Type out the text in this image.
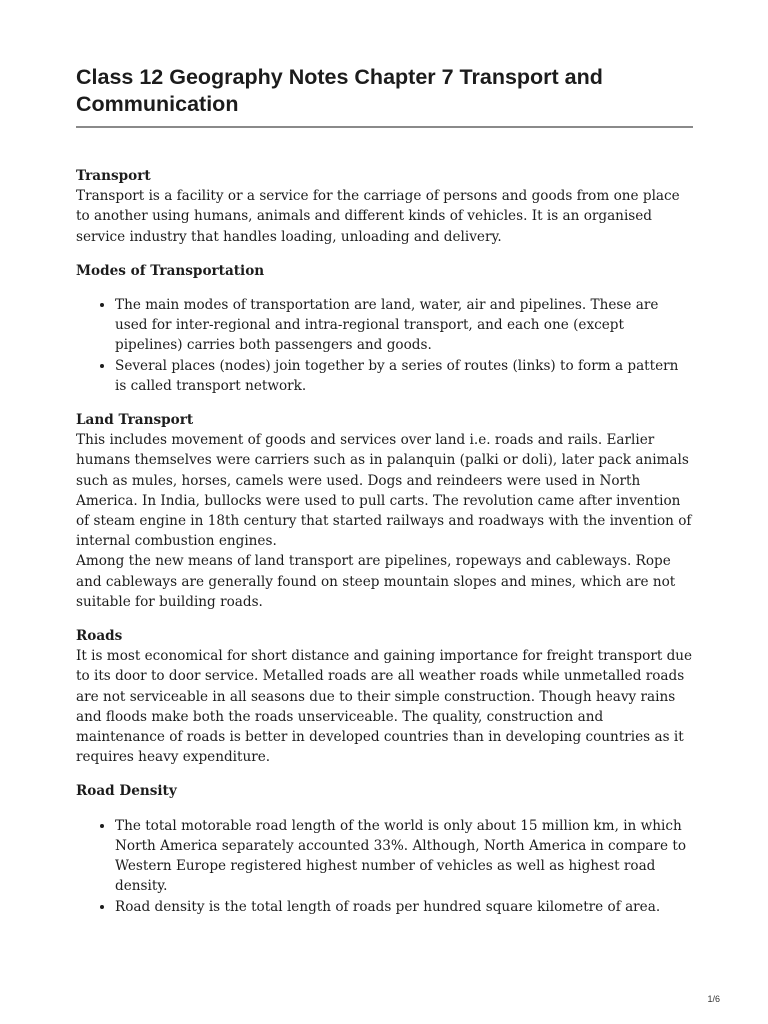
Class 12 Geography Notes Chapter 7 Transport and Communication

Transport

Transport is a facility or a service for the carriage of persons and goods from one place to another using humans, animals and different kinds of vehicles. It is an organised service industry that handles loading, unloading and delivery.

Modes of Transportation

• The main modes of transportation are land, water, air and pipelines. These are used for inter-regional and intra-regional transport, and each one (except pipelines) carries both passengers and goods.
• Several places (nodes) join together by a series of routes (links) to form a pattern is called transport network.

Land Transport

This includes movement of goods and services over land i.e. roads and rails. Earlier humans themselves were carriers such as in palanquin (palki or doli), later pack animals such as mules, horses, camels were used. Dogs and reindeers were used in North America. In India, bullocks were used to pull carts. The revolution came after invention of steam engine in 18th century that started railways and roadways with the invention of internal combustion engines.

Among the new means of land transport are pipelines, ropeways and cableways. Rope and cableways are generally found on steep mountain slopes and mines, which are not suitable for building roads.

Roads

It is most economical for short distance and gaining importance for freight transport due to its door to door service. Metalled roads are all weather roads while unmetalled roads are not serviceable in all seasons due to their simple construction. Though heavy rains and floods make both the roads unserviceable. The quality, construction and maintenance of roads is better in developed countries than in developing countries as it requires heavy expenditure.

Road Density

• The total motorable road length of the world is only about 15 million km, in which North America separately accounted 33%. Although, North America in compare to Western Europe registered highest number of vehicles as well as highest road density.
• Road density is the total length of roads per hundred square kilometre of area.
1/6
